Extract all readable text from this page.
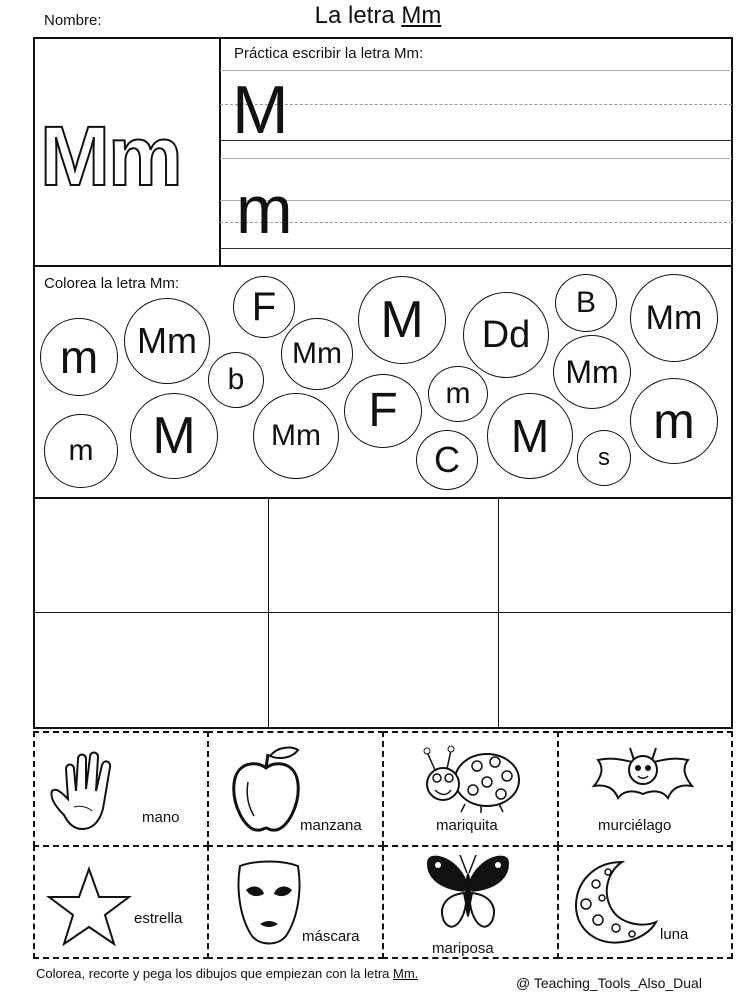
Nombre:	La letra Mm
Mm
Práctica escribir la letra Mm:
M
m
Colorea la letra Mm:
m	Mm
F
b
Mm
M	Dd
B	Mm
Mm
m
M	Mm F	m
C	M	s
m
mano	manzana	mariquita	murciélago
estrella
máscara
mariposa
luna
Colorea, recorte y pega los dibujos que empiezan con la letra Mm.
@ Teaching_Tools_Also_Dual
